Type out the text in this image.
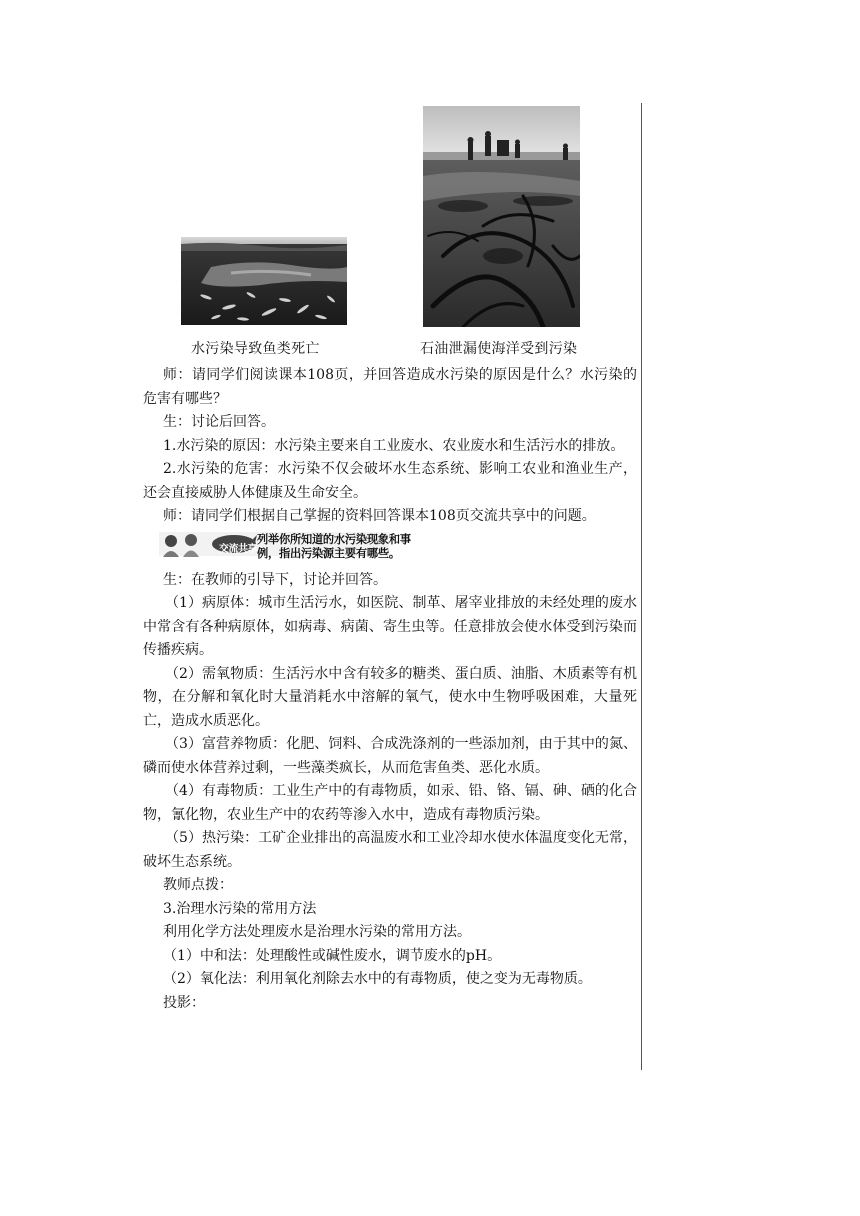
水污染导致鱼类死亡	石油泄漏使海洋受到污染

师：请同学们阅读课本108页，并回答造成水污染的原因是什么？水污染的危害有哪些？

生：讨论后回答。

1.水污染的原因：水污染主要来自工业废水、农业废水和生活污水的排放。

2.水污染的危害：水污染不仅会破坏水生态系统、影响工农业和渔业生产，还会直接威胁人体健康及生命安全。

师：请同学们根据自己掌握的资料回答课本108页交流共享中的问题。

交流共享
列举你所知道的水污染现象和事
例，指出污染源主要有哪些。

生：在教师的引导下，讨论并回答。

（1）病原体：城市生活污水，如医院、制革、屠宰业排放的未经处理的废水中常含有各种病原体，如病毒、病菌、寄生虫等。任意排放会使水体受到污染而传播疾病。

（2）需氧物质：生活污水中含有较多的糖类、蛋白质、油脂、木质素等有机物，在分解和氧化时大量消耗水中溶解的氧气，使水中生物呼吸困难，大量死亡，造成水质恶化。

（3）富营养物质：化肥、饲料、合成洗涤剂的一些添加剂，由于其中的氮、磷而使水体营养过剩，一些藻类疯长，从而危害鱼类、恶化水质。

（4）有毒物质：工业生产中的有毒物质，如汞、铅、铬、镉、砷、硒的化合物，氰化物，农业生产中的农药等渗入水中，造成有毒物质污染。

（5）热污染：工矿企业排出的高温废水和工业冷却水使水体温度变化无常，破坏生态系统。

教师点拨：

3.治理水污染的常用方法

利用化学方法处理废水是治理水污染的常用方法。

（1）中和法：处理酸性或碱性废水，调节废水的pH。

（2）氧化法：利用氧化剂除去水中的有毒物质，使之变为无毒物质。

投影：
